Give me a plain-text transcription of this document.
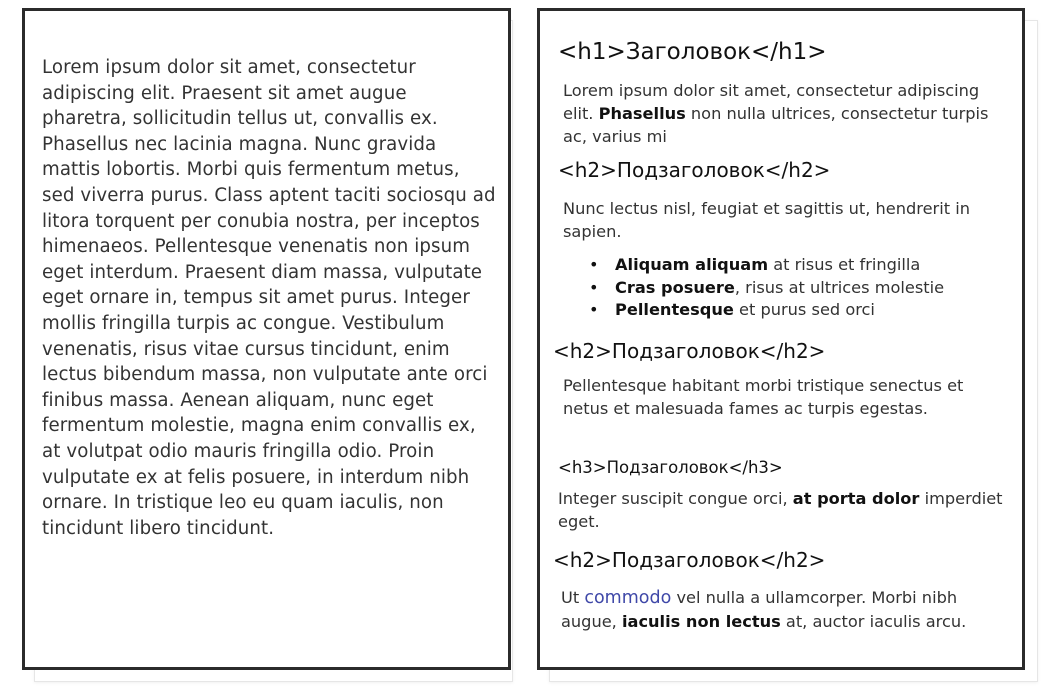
Lorem ipsum dolor sit amet, consectetur adipiscing elit. Praesent sit amet augue pharetra, sollicitudin tellus ut, convallis ex. Phasellus nec lacinia magna. Nunc gravida mattis lobortis. Morbi quis fermentum metus, sed viverra purus. Class aptent taciti sociosqu ad litora torquent per conubia nostra, per inceptos himenaeos. Pellentesque venenatis non ipsum eget interdum. Praesent diam massa, vulputate eget ornare in, tempus sit amet purus. Integer mollis fringilla turpis ac congue. Vestibulum venenatis, risus vitae cursus tincidunt, enim lectus bibendum massa, non vulputate ante orci finibus massa. Aenean aliquam, nunc eget fermentum molestie, magna enim convallis ex, at volutpat odio mauris fringilla odio. Proin vulputate ex at felis posuere, in interdum nibh ornare. In tristique leo eu quam iaculis, non tincidunt libero tincidunt.
<h1>Заголовок</h1>
Lorem ipsum dolor sit amet, consectetur adipiscing elit. Phasellus non nulla ultrices, consectetur turpis ac, varius mi
<h2>Подзаголовок</h2>
Nunc lectus nisl, feugiat et sagittis ut, hendrerit in sapien.
• Aliquam aliquam at risus et fringilla
• Cras posuere, risus at ultrices molestie
• Pellentesque et purus sed orci
<h2>Подзаголовок</h2>
Pellentesque habitant morbi tristique senectus et netus et malesuada fames ac turpis egestas.
<h3>Подзаголовок</h3>
Integer suscipit congue orci, at porta dolor imperdiet eget.
<h2>Подзаголовок</h2>
Ut commodo vel nulla a ullamcorper. Morbi nibh augue, iaculis non lectus at, auctor iaculis arcu.
